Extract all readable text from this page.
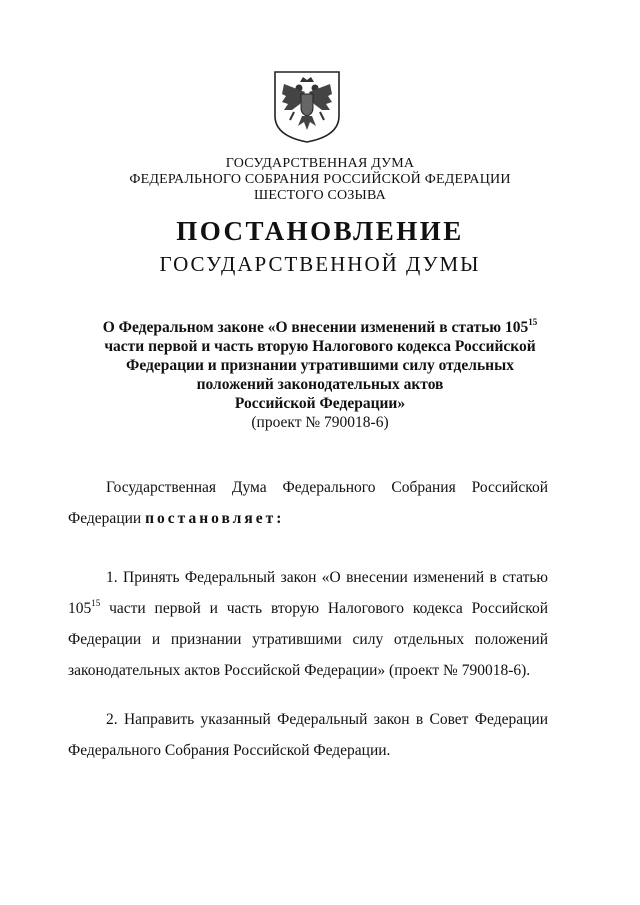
ГОСУДАРСТВЕННАЯ ДУМА
ФЕДЕРАЛЬНОГО СОБРАНИЯ РОССИЙСКОЙ ФЕДЕРАЦИИ
ШЕСТОГО СОЗЫВА
ПОСТАНОВЛЕНИЕ
ГОСУДАРСТВЕННОЙ ДУМЫ
О Федеральном законе «О внесении изменений в статью $105^{15}$
части первой и часть вторую Налогового кодекса Российской
Федерации и признании утратившими силу отдельных
положений законодательных актов
Российской Федерации»
(проект № 790018-6)
Государственная Дума Федерального Собрания Российской
Федерации постановляет:
1. Принять Федеральный закон «О внесении изменений в статью
$105^{15}$ части первой и часть вторую Налогового кодекса Российской
Федерации и признании утратившими силу отдельных положений
законодательных актов Российской Федерации» (проект № 790018-6).
2. Направить указанный Федеральный закон в Совет Федерации
Федерального Собрания Российской Федерации.
